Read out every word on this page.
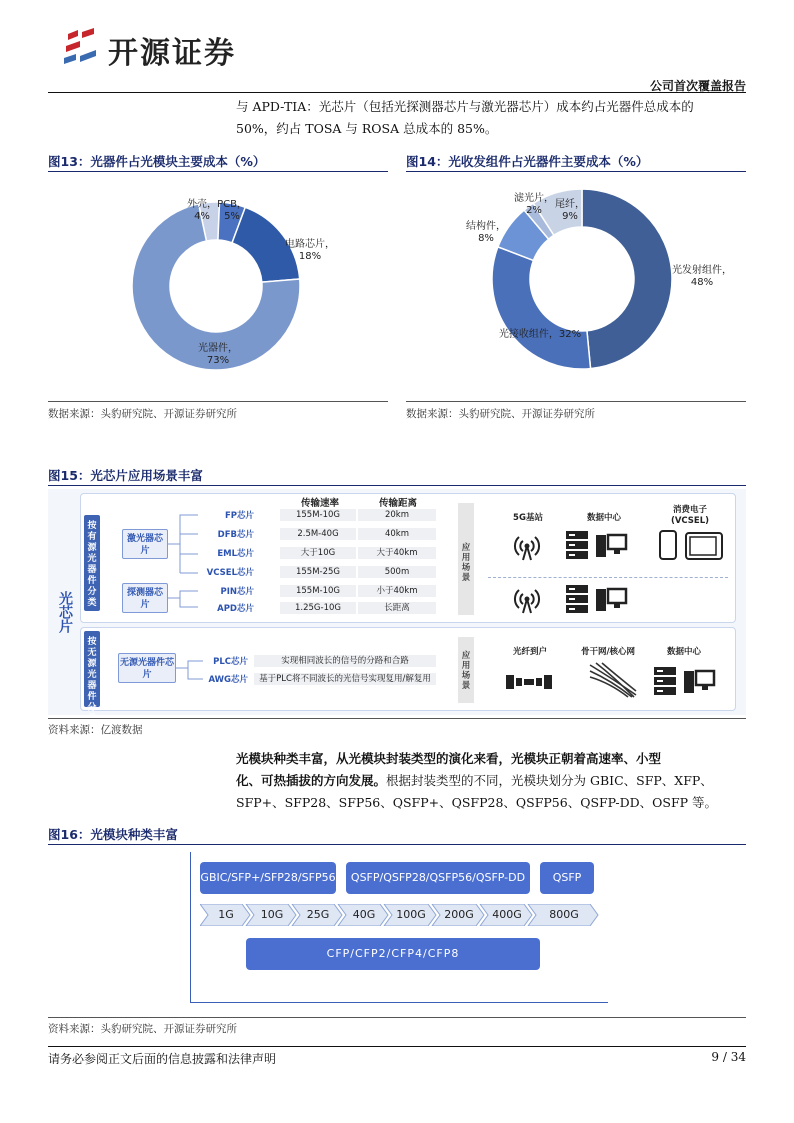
开源证券
公司首次覆盖报告
与 APD-TIA：光芯片（包括光探测器芯片与激光器芯片）成本约占光器件总成本的
50%，约占 TOSA 与 ROSA 总成本的 85%。
图13：光器件占光模块主要成本（%）
外壳，
4%
PCB，
5%
电路芯片，
18%
光器件，
73%
数据来源：头豹研究院、开源证券研究所
图14：光收发组件占光器件主要成本（%）
光发射组件，
48%
光接收组件，32%
结构件，
8%
滤光片，
2%
尾纤，
9%
数据来源：头豹研究院、开源证券研究所
图15：光芯片应用场景丰富
光芯片
按有源光器件分类
按无源光器件分类
传输速率	传输距离
激光器芯片
探测器芯片
无源光器件芯片
FP芯片	155M-10G	20km
DFB芯片	2.5M-40G	40km
EML芯片	大于10G	大于40km
VCSEL芯片	155M-25G	500m
PIN芯片	155M-10G	小于40km
APD芯片	1.25G-10G	长距离
PLC芯片	实现相同波长的信号的分路和合路
AWG芯片	基于PLC将不同波长的光信号实现复用/解复用
应用场景
应用场景
5G基站	数据中心
消费电子
(VCSEL)
光纤到户	骨干网/核心网	数据中心
资料来源：亿渡数据
光模块种类丰富，从光模块封装类型的演化来看，光模块正朝着高速率、小型
化、可热插拔的方向发展。根据封装类型的不同，光模块划分为 GBIC、SFP、XFP、
SFP+、SFP28、SFP56、QSFP+、QSFP28、QSFP56、QSFP-DD、OSFP 等。
图16：光模块种类丰富
GBIC/SFP+/SFP28/SFP56	QSFP/QSFP28/QSFP56/QSFP-DD	QSFP
1G	10G	25G	40G	100G	200G	400G	800G
CFP/CFP2/CFP4/CFP8
资料来源：头豹研究院、开源证券研究所
请务必参阅正文后面的信息披露和法律声明	9 / 34
